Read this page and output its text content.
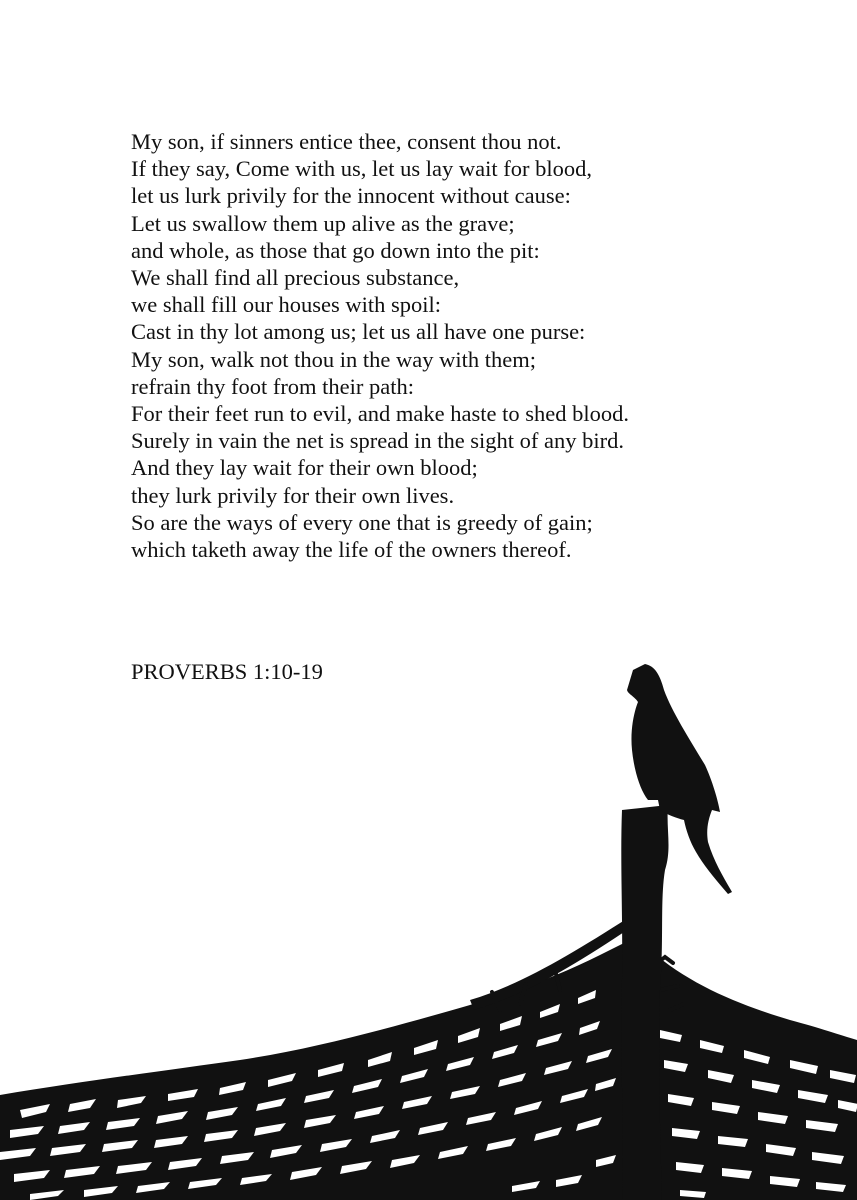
My son, if sinners entice thee, consent thou not.
If they say, Come with us, let us lay wait for blood,
let us lurk privily for the innocent without cause:
Let us swallow them up alive as the grave;
and whole, as those that go down into the pit:
We shall find all precious substance,
we shall fill our houses with spoil:
Cast in thy lot among us; let us all have one purse:
My son, walk not thou in the way with them;
refrain thy foot from their path:
For their feet run to evil, and make haste to shed blood.
Surely in vain the net is spread in the sight of any bird.
And they lay wait for their own blood;
they lurk privily for their own lives.
So are the ways of every one that is greedy of gain;
which taketh away the life of the owners thereof.
PROVERBS 1:10-19
